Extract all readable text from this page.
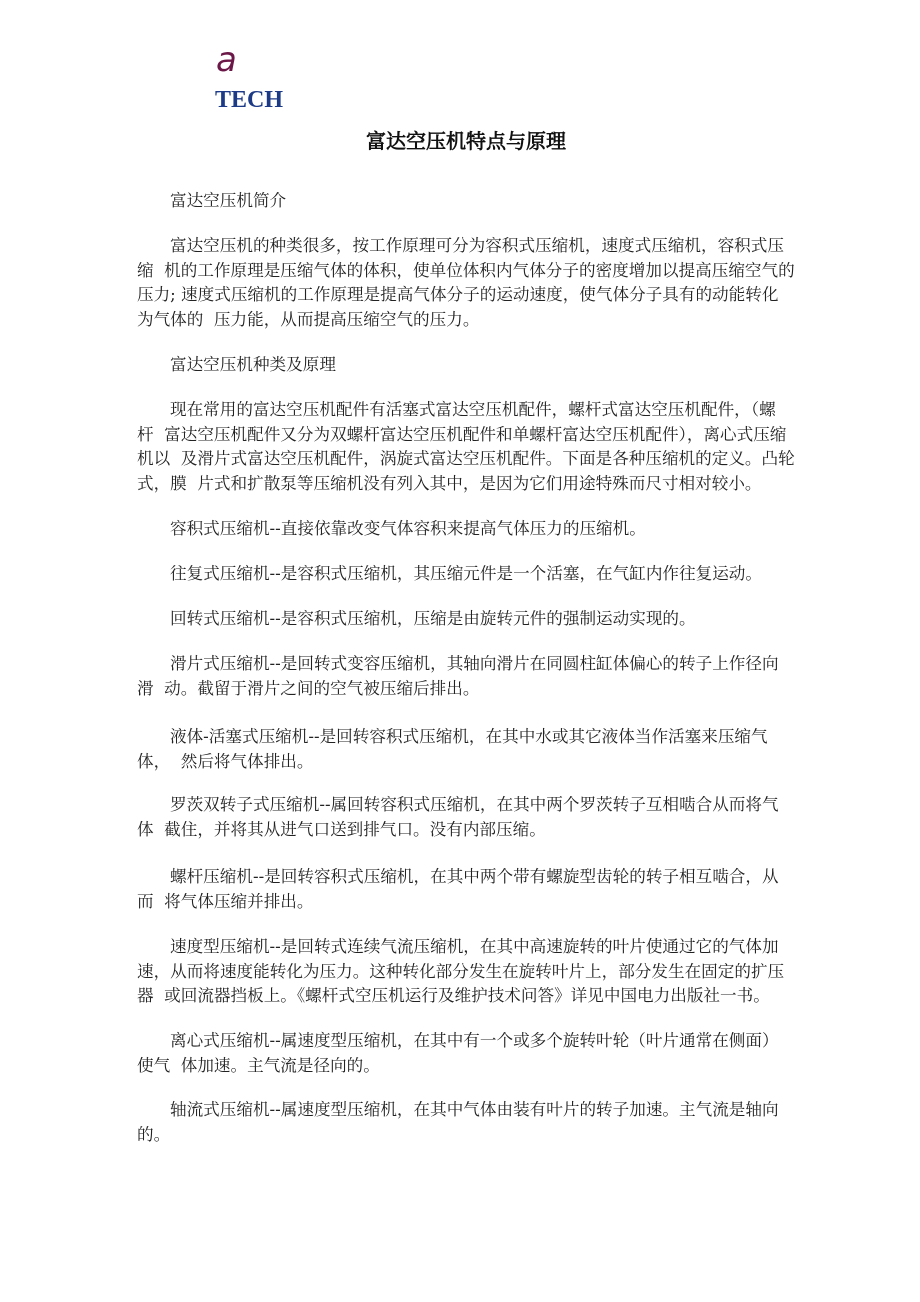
a
TECH
富达空压机特点与原理
富达空压机简介
富达空压机的种类很多，按工作原理可分为容积式压缩机，速度式压缩机，容积式压
缩  机的工作原理是压缩气体的体积，使单位体积内气体分子的密度增加以提高压缩空气的
压力; 速度式压缩机的工作原理是提高气体分子的运动速度，使气体分子具有的动能转化
为气体的  压力能，从而提高压缩空气的压力。
富达空压机种类及原理
现在常用的富达空压机配件有活塞式富达空压机配件，螺杆式富达空压机配件，（螺
杆  富达空压机配件又分为双螺杆富达空压机配件和单螺杆富达空压机配件），离心式压缩
机以  及滑片式富达空压机配件，涡旋式富达空压机配件。下面是各种压缩机的定义。凸轮
式，膜  片式和扩散泵等压缩机没有列入其中，是因为它们用途特殊而尺寸相对较小。
容积式压缩机--直接依靠改变气体容积来提高气体压力的压缩机。
往复式压缩机--是容积式压缩机，其压缩元件是一个活塞，在气缸内作往复运动。
回转式压缩机--是容积式压缩机，压缩是由旋转元件的强制运动实现的。
滑片式压缩机--是回转式变容压缩机，其轴向滑片在同圆柱缸体偏心的转子上作径向
滑  动。截留于滑片之间的空气被压缩后排出。
液体-活塞式压缩机--是回转容积式压缩机，在其中水或其它液体当作活塞来压缩气
体，  然后将气体排出。
罗茨双转子式压缩机--属回转容积式压缩机，在其中两个罗茨转子互相啮合从而将气
体  截住，并将其从进气口送到排气口。没有内部压缩。
螺杆压缩机--是回转容积式压缩机，在其中两个带有螺旋型齿轮的转子相互啮合，从
而  将气体压缩并排出。
速度型压缩机--是回转式连续气流压缩机，在其中高速旋转的叶片使通过它的气体加
速，从而将速度能转化为压力。这种转化部分发生在旋转叶片上，部分发生在固定的扩压
器  或回流器挡板上。《螺杆式空压机运行及维护技术问答》详见中国电力出版社一书。
离心式压缩机--属速度型压缩机，在其中有一个或多个旋转叶轮（叶片通常在侧面）
使气  体加速。主气流是径向的。
轴流式压缩机--属速度型压缩机，在其中气体由装有叶片的转子加速。主气流是轴向
的。
